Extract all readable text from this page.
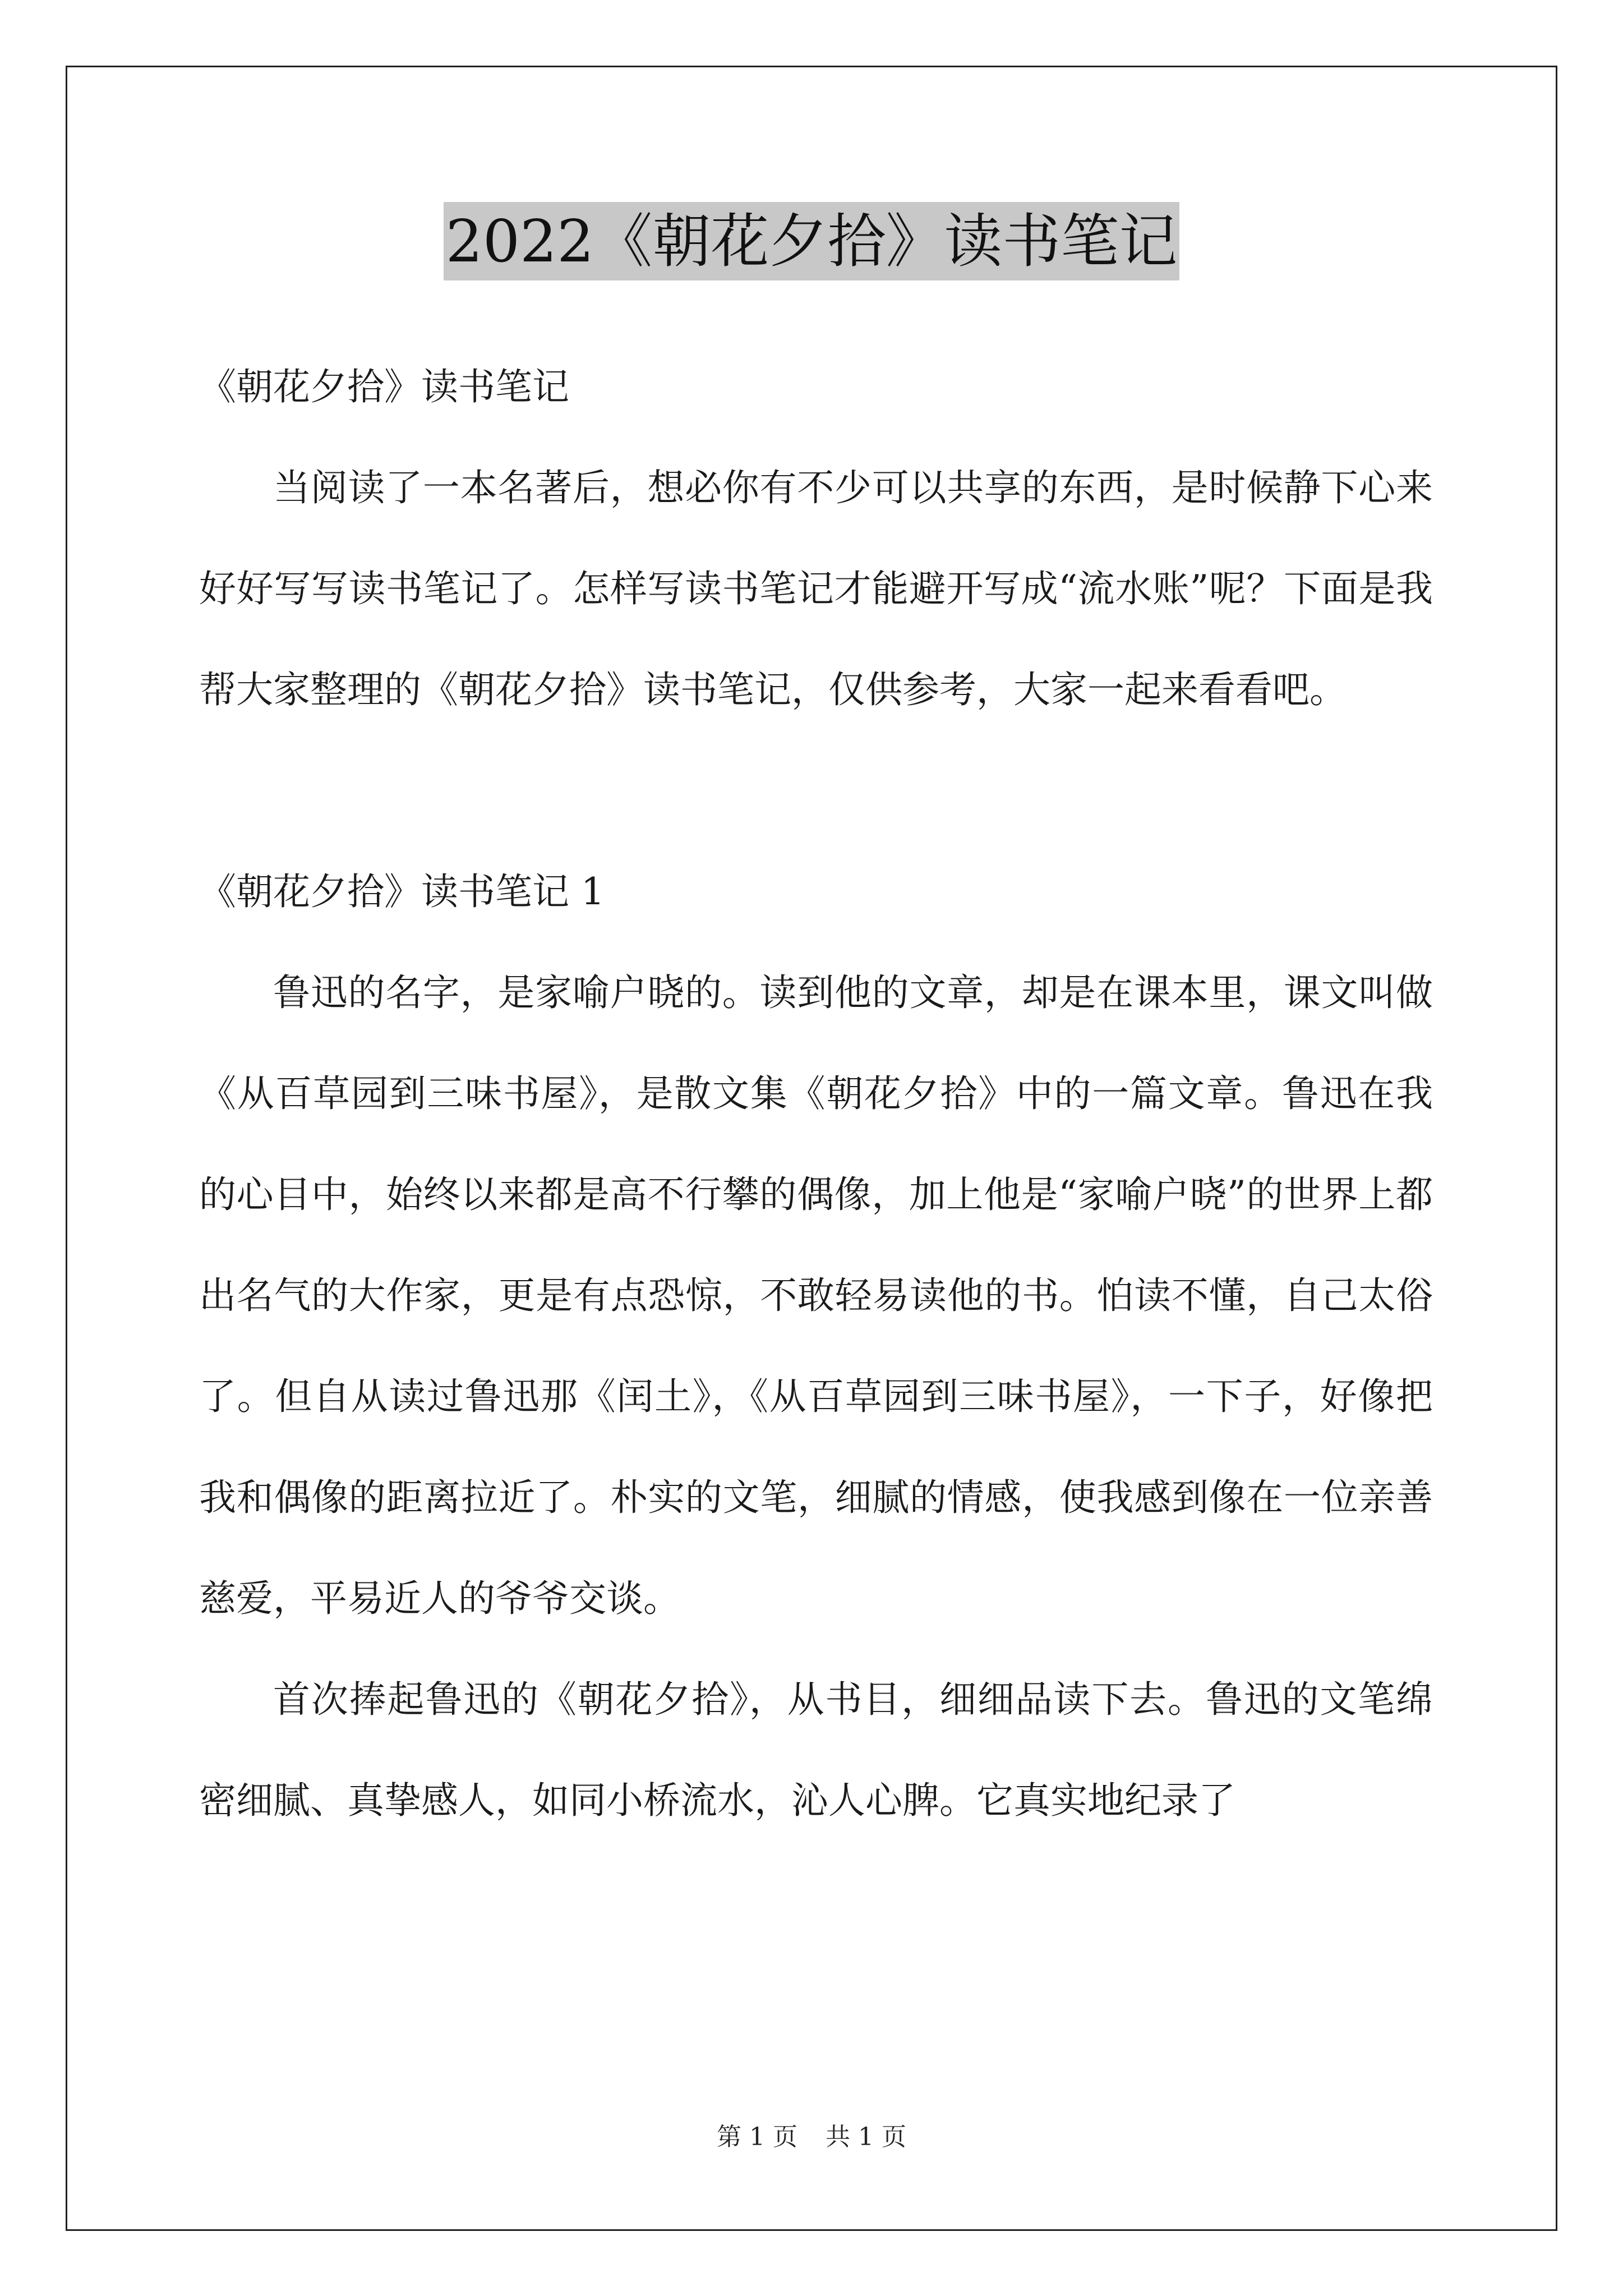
2022《朝花夕拾》读书笔记

《朝花夕拾》读书笔记

当阅读了一本名著后，想必你有不少可以共享的东西，是时候静下心来好好写写读书笔记了。怎样写读书笔记才能避开写成“流水账”呢？下面是我帮大家整理的《朝花夕拾》读书笔记，仅供参考，大家一起来看看吧。

《朝花夕拾》读书笔记 1

鲁迅的名字，是家喻户晓的。读到他的文章，却是在课本里，课文叫做《从百草园到三味书屋》，是散文集《朝花夕拾》中的一篇文章。鲁迅在我的心目中，始终以来都是高不行攀的偶像，加上他是“家喻户晓”的世界上都出名气的大作家，更是有点恐惊，不敢轻易读他的书。怕读不懂，自己太俗了。但自从读过鲁迅那《闰土》，《从百草园到三味书屋》，一下子，好像把我和偶像的距离拉近了。朴实的文笔，细腻的情感，使我感到像在一位亲善慈爱，平易近人的爷爷交谈。

首次捧起鲁迅的《朝花夕拾》，从书目，细细品读下去。鲁迅的文笔绵密细腻、真挚感人，如同小桥流水，沁人心脾。它真实地纪录了

第 1 页 共 1 页
